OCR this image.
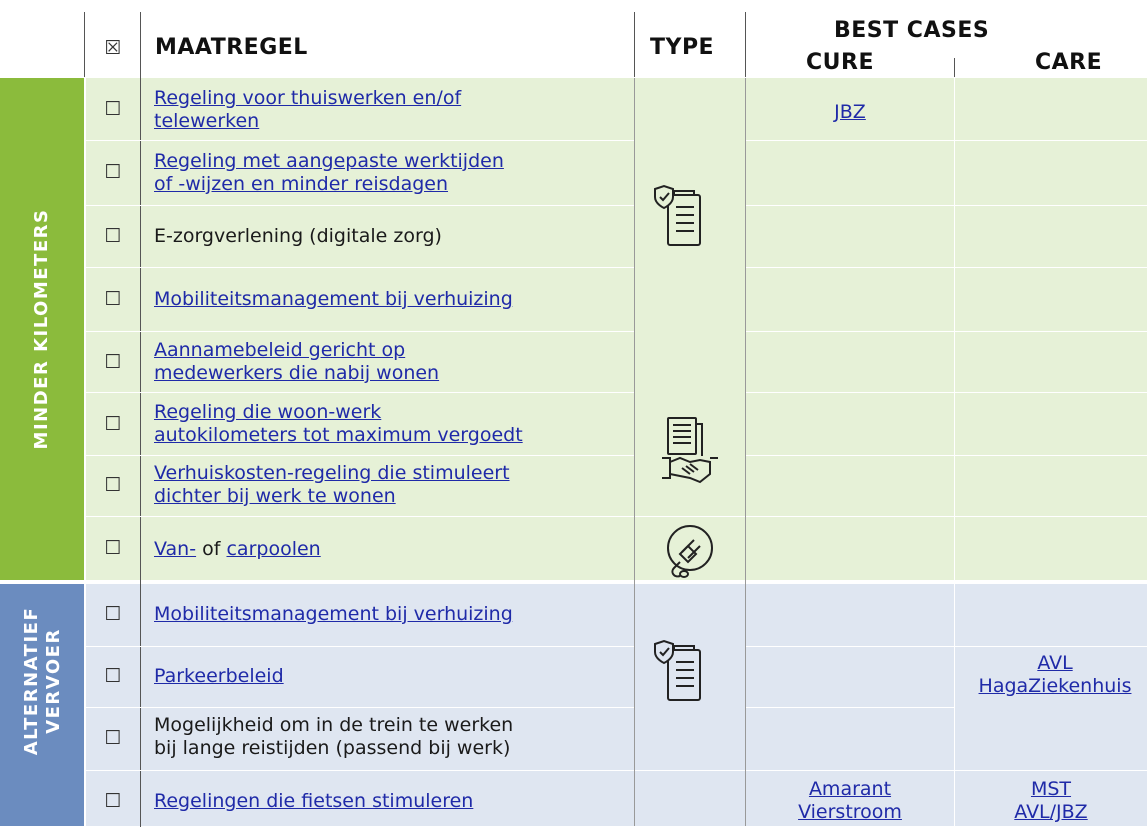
☒ MAATREGEL	TYPE
BEST CASES
CURE	CARE
MINDER KILOMETERS
ALTERNATIEF VERVOER
☐
☐
☐
☐
☐
☐
☐
☐
☐
☐
☐
☐
Regeling voor thuiswerken en/of
telewerken
Regeling met aangepaste werktijden
of -wijzen en minder reisdagen
E-zorgverlening (digitale zorg)
Mobiliteitsmanagement bij verhuizing
Aannamebeleid gericht op
medewerkers die nabij wonen
Regeling die woon-werk
autokilometers tot maximum vergoedt
Verhuiskosten-regeling die stimuleert
dichter bij werk te wonen
Van- of carpoolen
Mobiliteitsmanagement bij verhuizing
Parkeerbeleid
Mogelijkheid om in de trein te werken
bij lange reistijden (passend bij werk)
Regelingen die fietsen stimuleren
JBZ
AVL
HagaZiekenhuis
Amarant
Vierstroom
MST
AVL/JBZ
